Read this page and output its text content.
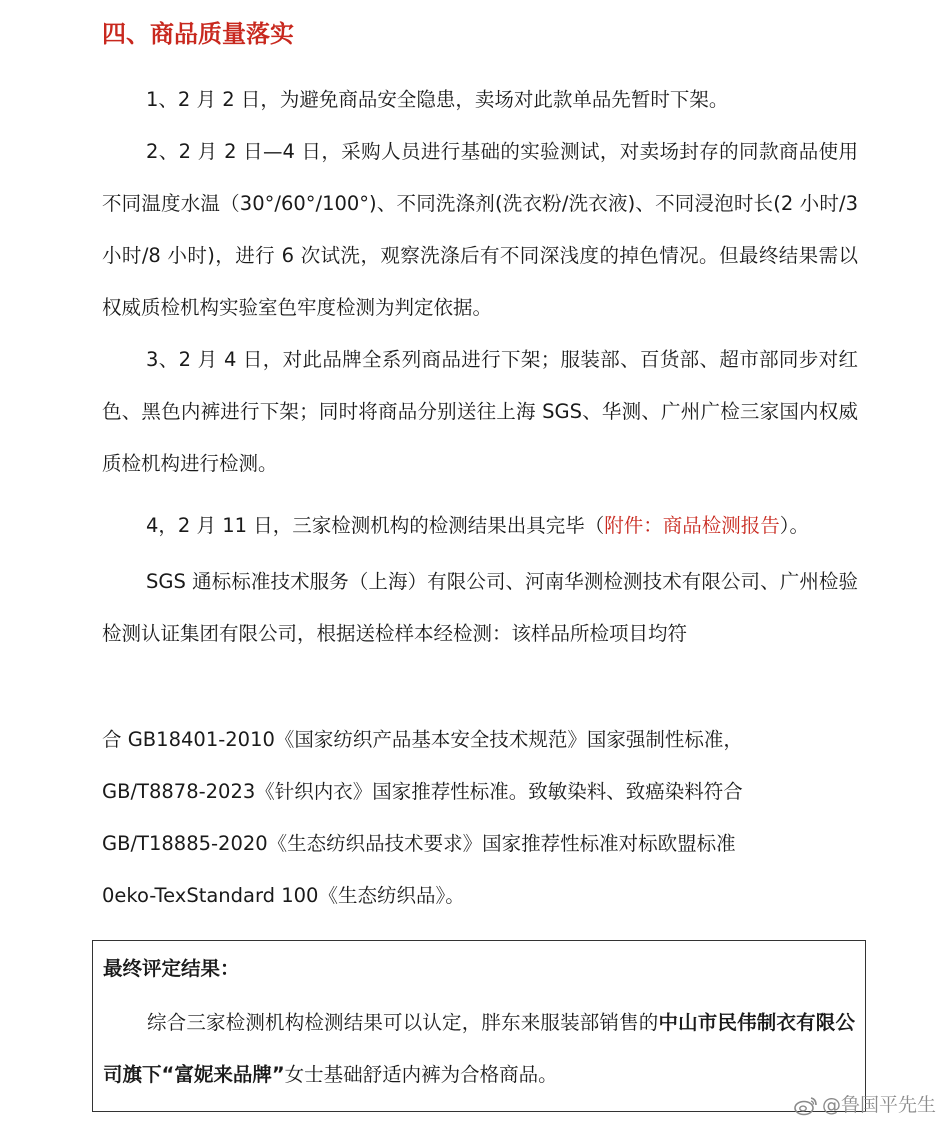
四、商品质量落实

1、2 月 2 日，为避免商品安全隐患，卖场对此款单品先暂时下架。

2、2 月 2 日—4 日，采购人员进行基础的实验测试，对卖场封存的同款商品使用不同温度水温（30°/60°/100°)、不同洗涤剂(洗衣粉/洗衣液)、不同浸泡时长(2 小时/3 小时/8 小时)，进行 6 次试洗，观察洗涤后有不同深浅度的掉色情况。但最终结果需以权威质检机构实验室色牢度检测为判定依据。

3、2 月 4 日，对此品牌全系列商品进行下架；服装部、百货部、超市部同步对红色、黑色内裤进行下架；同时将商品分别送往上海 SGS、华测、广州广检三家国内权威质检机构进行检测。

4，2 月 11 日，三家检测机构的检测结果出具完毕（附件：商品检测报告）。

SGS 通标标准技术服务（上海）有限公司、河南华测检测技术有限公司、广州检验检测认证集团有限公司，根据送检样本经检测：该样品所检项目均符

合 GB18401-2010《国家纺织产品基本安全技术规范》国家强制性标准，
GB/T8878-2023《针织内衣》国家推荐性标准。致敏染料、致癌染料符合
GB/T18885-2020《生态纺织品技术要求》国家推荐性标准对标欧盟标准
0eko-TexStandard 100《生态纺织品》。
最终评定结果：

综合三家检测机构检测结果可以认定，胖东来服装部销售的中山市民伟制衣有限公司旗下“富妮来品牌”女士基础舒适内裤为合格商品。

@鲁国平先生
